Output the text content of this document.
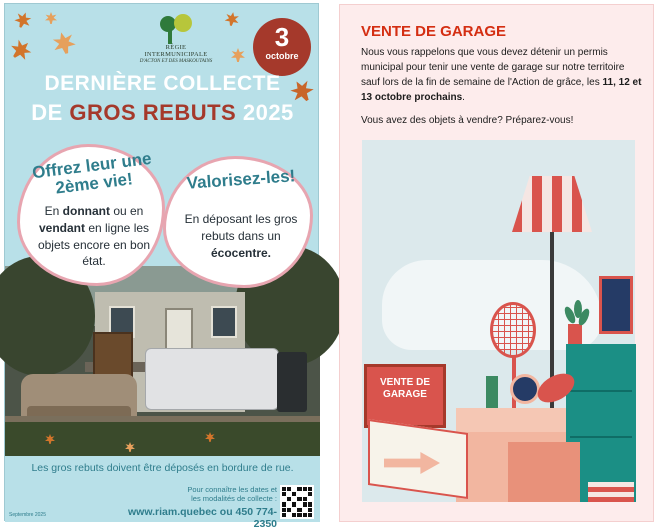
RÉGIE
INTERMUNICIPALE
D'ACTON ET DES MASKOUTAINS
3
octobre
DERNIÈRE COLLECTE
DE GROS REBUTS 2025
Offrez leur une 2ème vie!
En donnant ou en vendant en ligne les objets encore en bon état.
Valorisez-les!
En déposant les gros rebuts dans un écocentre.
Les gros rebuts doivent être déposés en bordure de rue.
Pour connaître les dates et
les modalités de collecte :
www.riam.quebec ou 450 774-2350
Septembre 2025
VENTE DE GARAGE
Nous vous rappelons que vous devez détenir un permis municipal pour tenir une vente de garage sur notre territoire sauf lors de la fin de semaine de l'Action de grâce, les 11, 12 et 13 octobre prochains.
Vous avez des objets à vendre? Préparez-vous!
VENTE DE GARAGE
